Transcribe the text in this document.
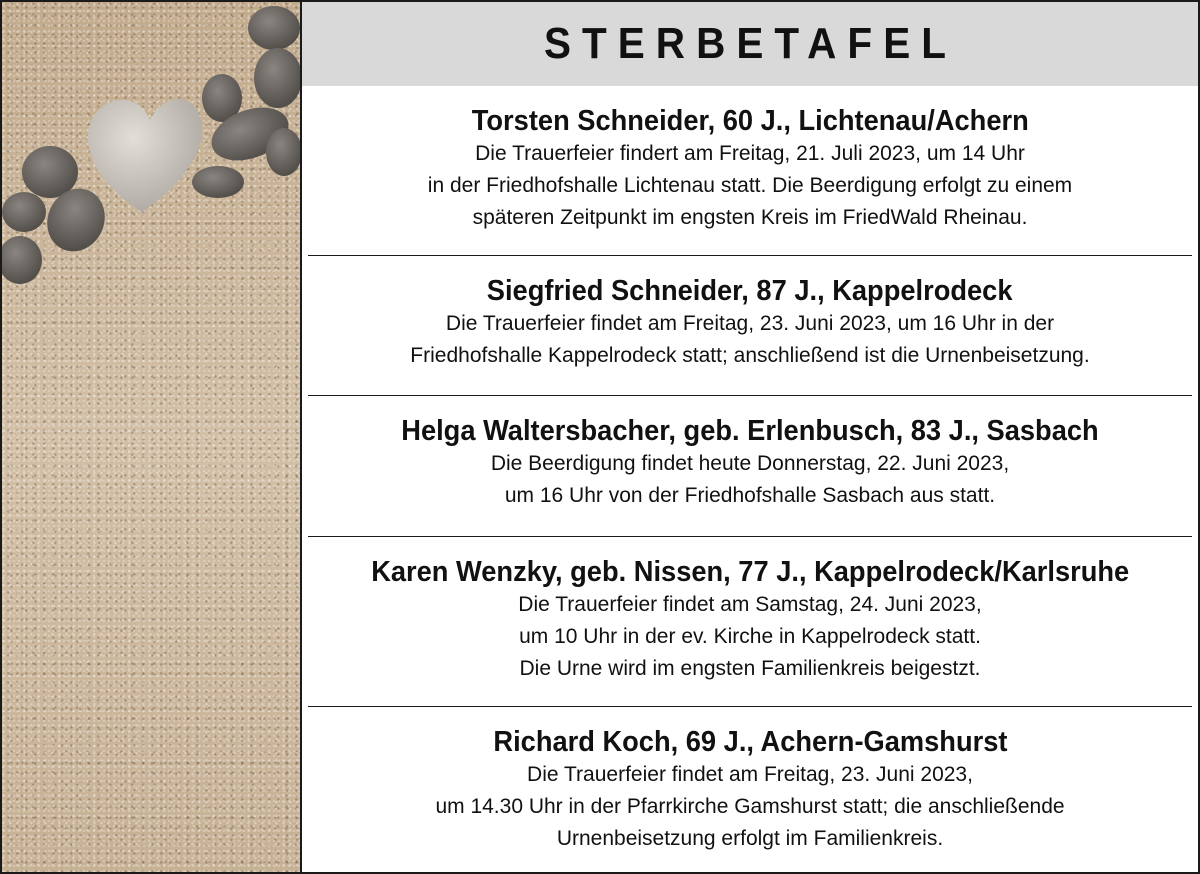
STERBETAFEL
Torsten Schneider, 60 J., Lichtenau/Achern
Die Trauerfeier findert am Freitag, 21. Juli 2023, um 14 Uhr
in der Friedhofshalle Lichtenau statt. Die Beerdigung erfolgt zu einem
späteren Zeitpunkt im engsten Kreis im FriedWald Rheinau.
Siegfried Schneider, 87 J., Kappelrodeck
Die Trauerfeier findet am Freitag, 23. Juni 2023, um 16 Uhr in der
Friedhofshalle Kappelrodeck statt; anschließend ist die Urnenbeisetzung.
Helga Waltersbacher, geb. Erlenbusch, 83 J., Sasbach
Die Beerdigung findet heute Donnerstag, 22. Juni 2023,
um 16 Uhr von der Friedhofshalle Sasbach aus statt.
Karen Wenzky, geb. Nissen, 77 J., Kappelrodeck/Karlsruhe
Die Trauerfeier findet am Samstag, 24. Juni 2023,
um 10 Uhr in der ev. Kirche in Kappelrodeck statt.
Die Urne wird im engsten Familienkreis beigestzt.
Richard Koch, 69 J., Achern-Gamshurst
Die Trauerfeier findet am Freitag, 23. Juni 2023,
um 14.30 Uhr in der Pfarrkirche Gamshurst statt; die anschließende
Urnenbeisetzung erfolgt im Familienkreis.
